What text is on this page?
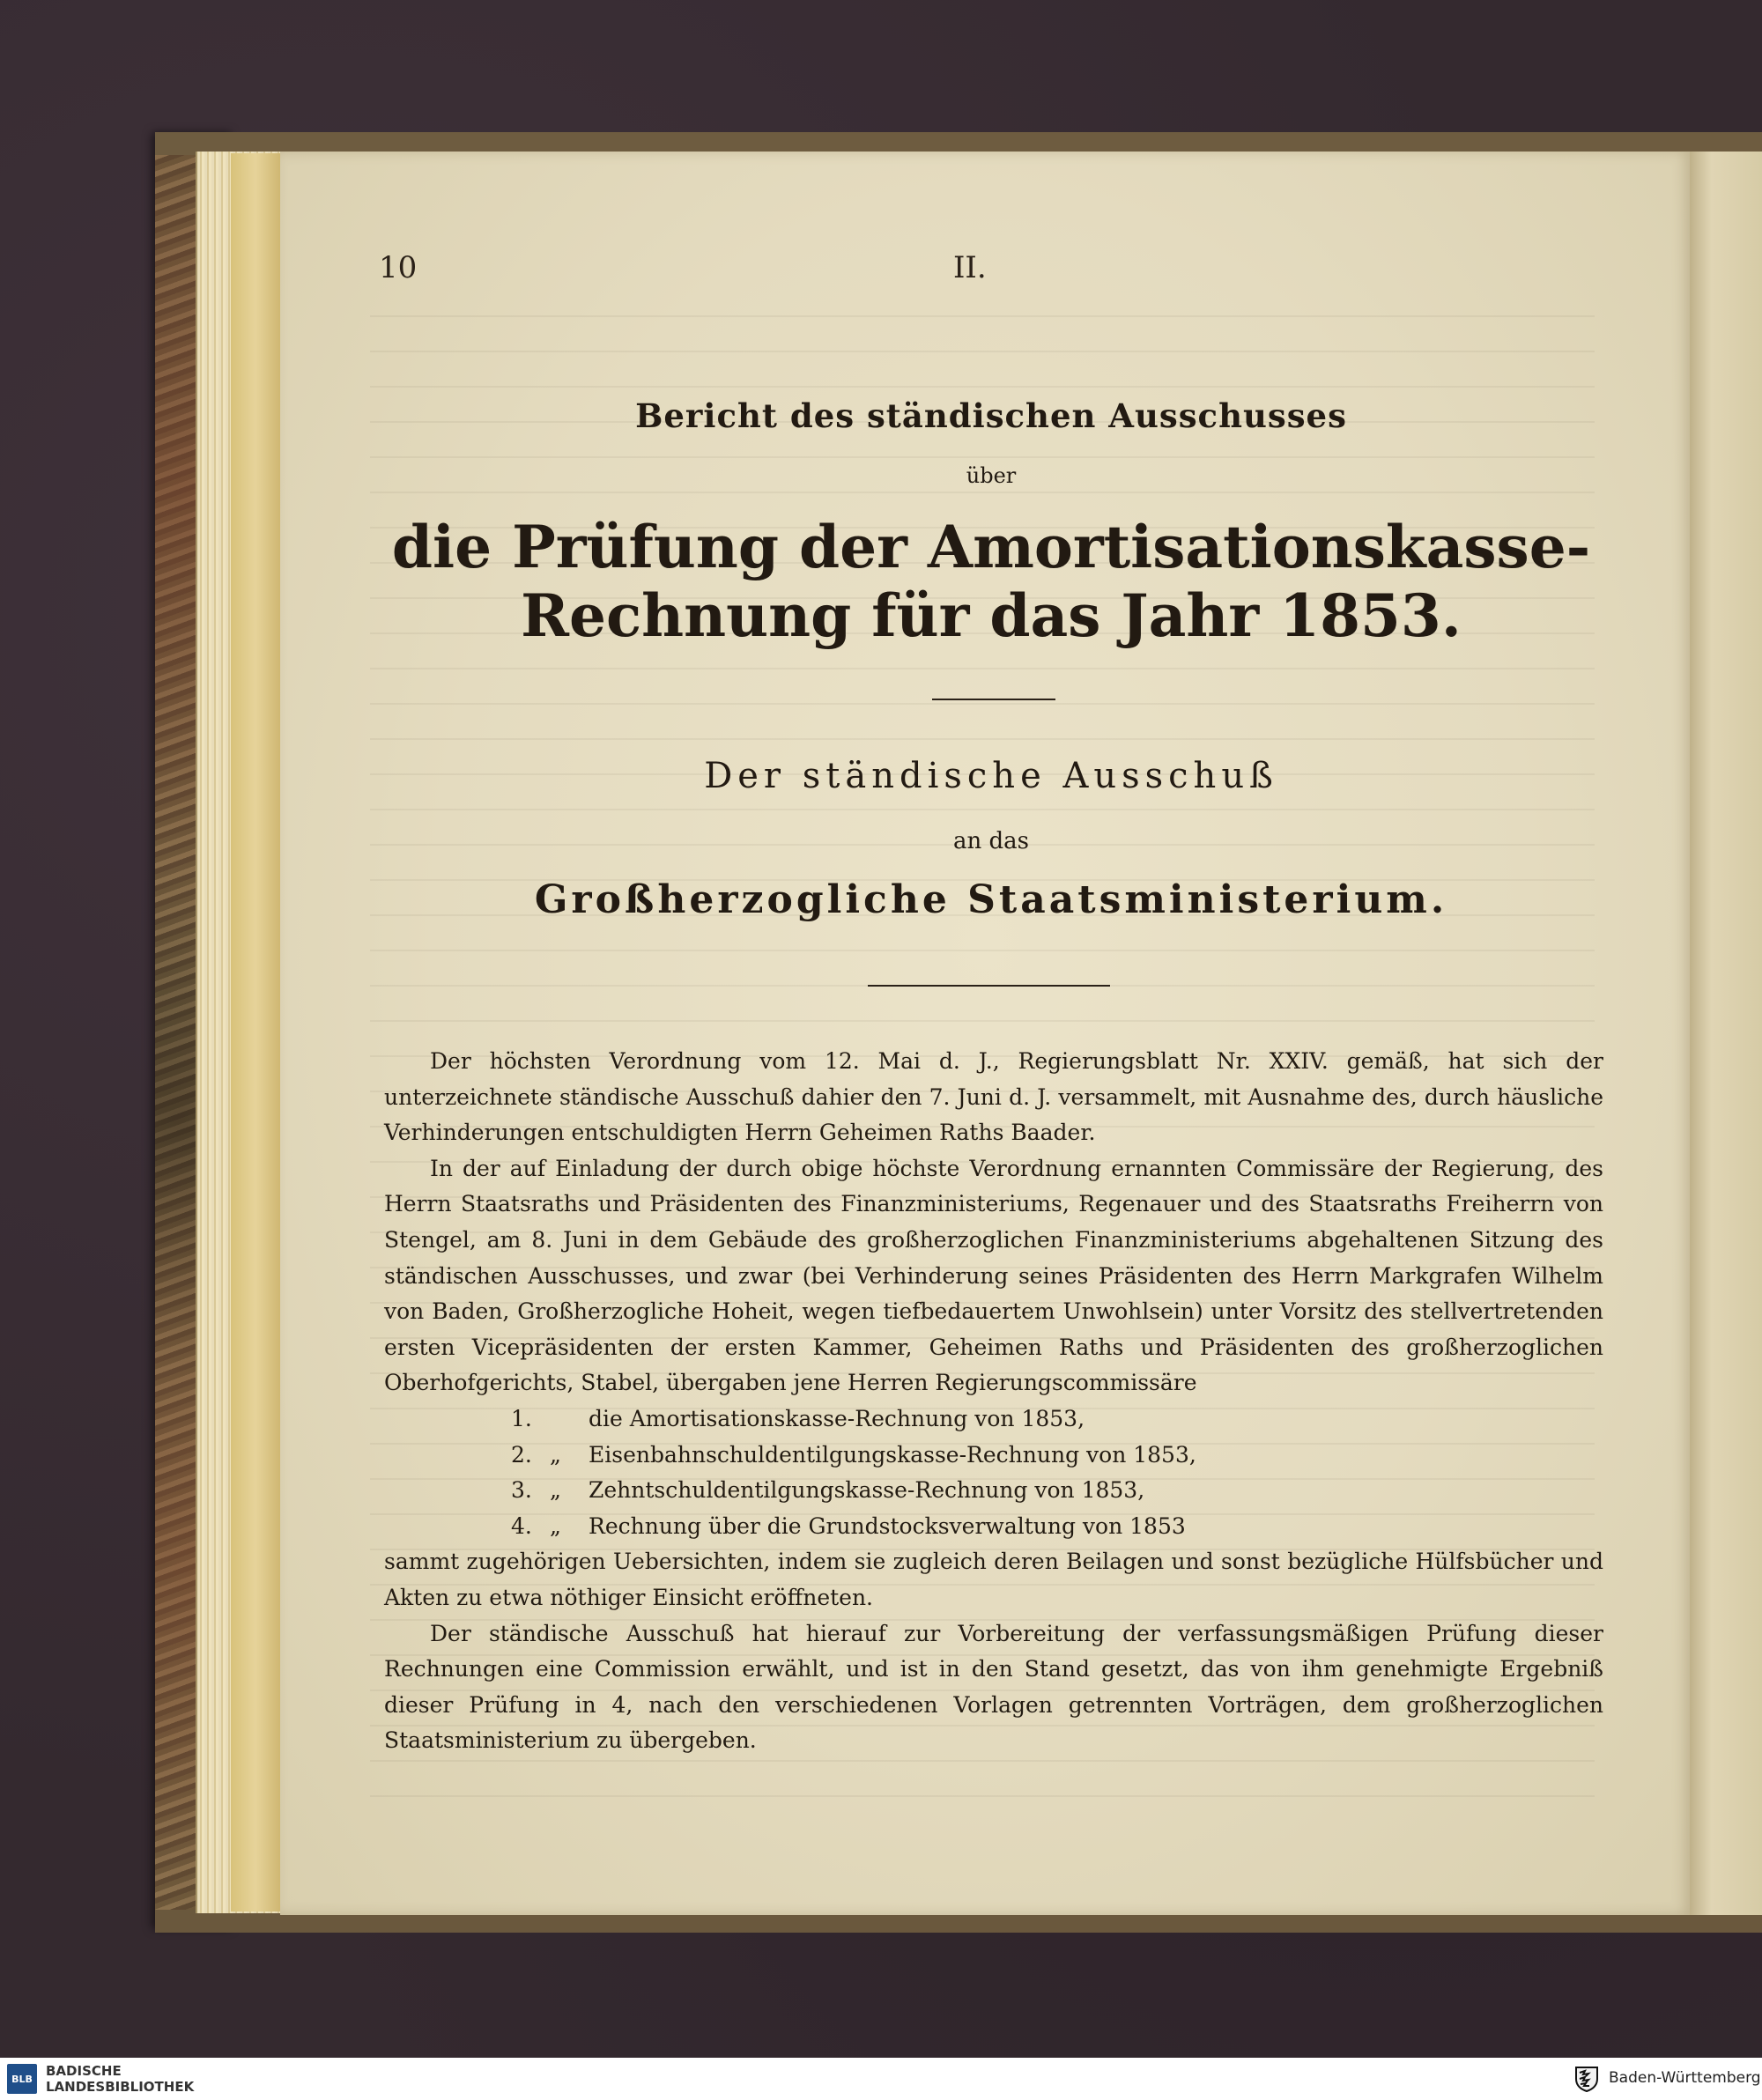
10	II.
Bericht des ständischen Ausschusses
über
die Prüfung der Amortisationskasse-Rechnung für das Jahr 1853.
Der ständische Ausschuß
an das
Großherzogliche Staatsministerium.

Der höchsten Verordnung vom 12. Mai d. J., Regierungsblatt Nr. XXIV. gemäß, hat sich der unterzeichnete ständische Ausschuß dahier den 7. Juni d. J. versammelt, mit Ausnahme des, durch häusliche Verhinderungen entschuldigten Herrn Geheimen Raths Baader.

In der auf Einladung der durch obige höchste Verordnung ernannten Commissäre der Regierung, des Herrn Staatsraths und Präsidenten des Finanzministeriums, Regenauer und des Staatsraths Freiherrn von Stengel, am 8. Juni in dem Gebäude des großherzoglichen Finanzministeriums abgehaltenen Sitzung des ständischen Ausschusses, und zwar (bei Verhinderung seines Präsidenten des Herrn Markgrafen Wilhelm von Baden, Großherzogliche Hoheit, wegen tiefbedauertem Unwohlsein) unter Vorsitz des stellvertretenden ersten Vicepräsidenten der ersten Kammer, Geheimen Raths und Präsidenten des großherzoglichen Oberhofgerichts, Stabel, übergaben jene Herren Regierungscommissäre

1.	die Amortisationskasse-Rechnung von 1853,
2. „	Eisenbahnschuldentilgungskasse-Rechnung von 1853,
3. „	Zehntschuldentilgungskasse-Rechnung von 1853,
4. „	Rechnung über die Grundstocksverwaltung von 1853

sammt zugehörigen Uebersichten, indem sie zugleich deren Beilagen und sonst bezügliche Hülfsbücher und Akten zu etwa nöthiger Einsicht eröffneten.

Der ständische Ausschuß hat hierauf zur Vorbereitung der verfassungsmäßigen Prüfung dieser Rechnungen eine Commission erwählt, und ist in den Stand gesetzt, das von ihm genehmigte Ergebniß dieser Prüfung in 4, nach den verschiedenen Vorlagen getrennten Vorträgen, dem großherzoglichen Staatsministerium zu übergeben.

BLB	BADISCHE
LANDESBIBLIOTHEK	Baden-Württemberg
